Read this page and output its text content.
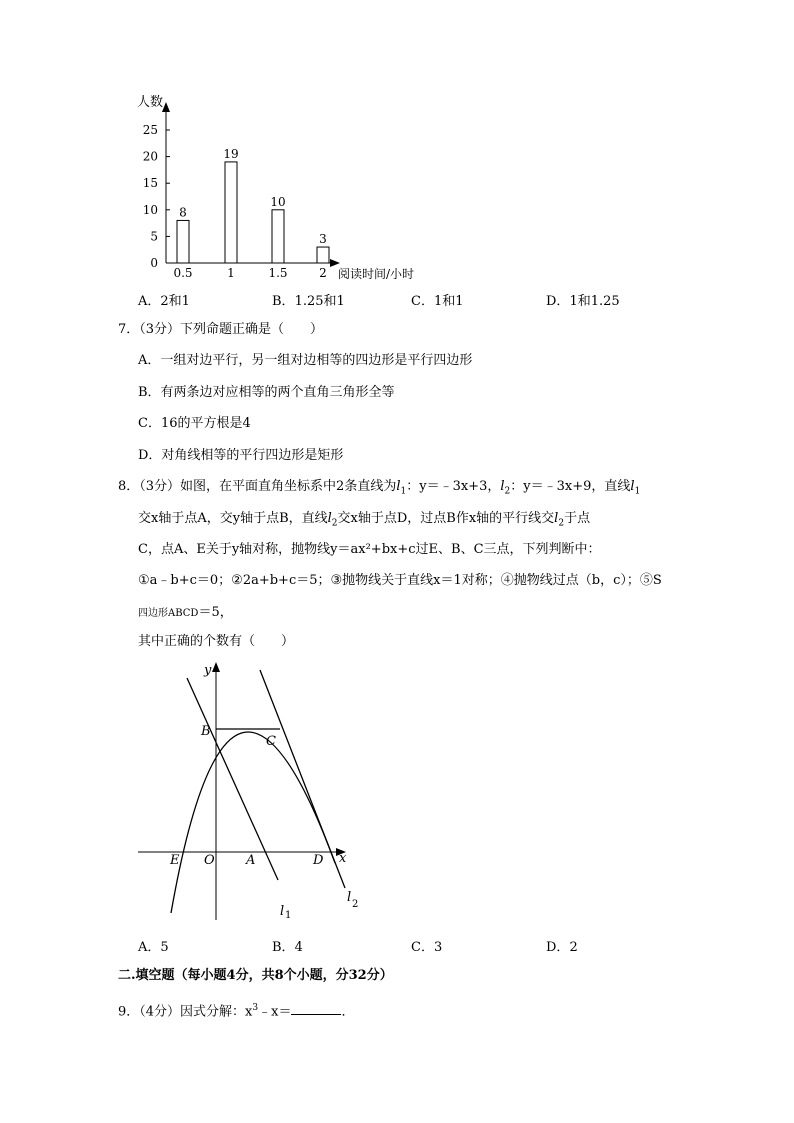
人数
阅读时间/小时
0
5
10
15
20
25
8
0.5
19
1
10
1.5
3
2
A．2和1	B．1.25和1	C．1和1	D．1和1.25
7．（3分）下列命题正确是（　　）
A．一组对边平行，另一组对边相等的四边形是平行四边形
B．有两条边对应相等的两个直角三角形全等
C．16的平方根是4
D．对角线相等的平行四边形是矩形
8．（3分）如图，在平面直角坐标系中2条直线为$l_1$：y＝﹣3x+3，$l_2$：y＝﹣3x+9，直线$l_1$
交x轴于点A，交y轴于点B，直线$l_2$交x轴于点D，过点B作x轴的平行线交$l_2$于点
C，点A、E关于y轴对称，抛物线y＝ax²+bx+c过E、B、C三点，下列判断中：
①a﹣b+c＝0；②2a+b+c＝5；③抛物线关于直线x＝1对称；④抛物线过点（b，c）；⑤S
四边形ABCD＝5，
其中正确的个数有（　　）
y
B
C
E O A	D x
l 1
l 2
A．5	B．4	C．3	D．2
二.填空题（每小题4分，共8个小题，分32分）
9．（4分）因式分解：$x^3﹣x=$	．
